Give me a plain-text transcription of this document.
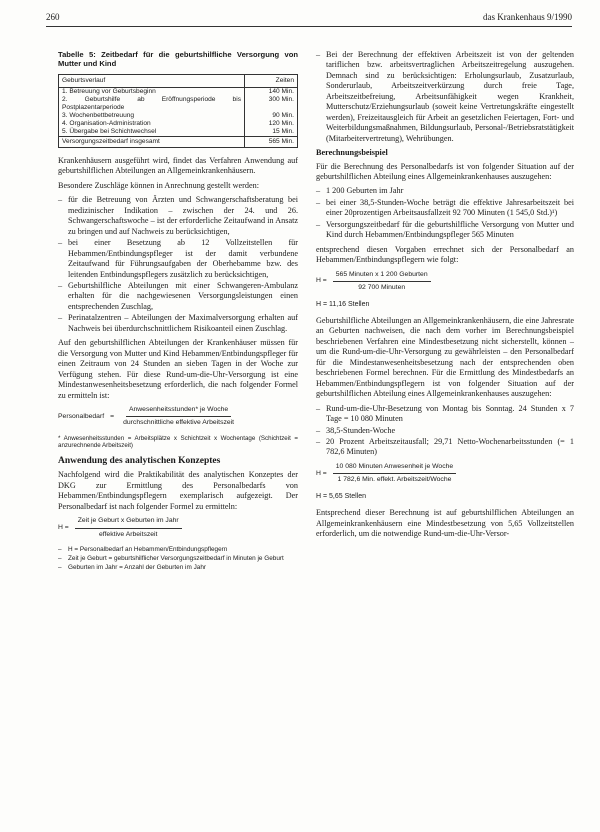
260	das Krankenhaus 9/1990
Tabelle 5: Zeitbedarf für die geburtshilfliche Versorgung von Mutter und Kind
Geburtsverlauf	Zeiten
1. Betreuung vor Geburtsbeginn	140 Min.
2. Geburtshilfe ab Eröffnungsperiode bis Postplazentarperiode	300 Min.
3. Wochenbettbetreuung	90 Min.
4. Organisation-Administration	120 Min.
5. Übergabe bei Schichtwechsel	15 Min.
Versorgungszeitbedarf insgesamt	565 Min.

Krankenhäusern ausgeführt wird, findet das Verfahren Anwendung auf geburtshilflichen Abteilungen an Allgemeinkrankenhäusern.

Besondere Zuschläge können in Anrechnung gestellt werden:

– für die Betreuung von Ärzten und Schwangerschaftsberatung bei medizinischer Indikation – zwischen der 24. und 26. Schwangerschaftswoche – ist der erforderliche Zeitaufwand in Ansatz zu bringen und auf Nachweis zu berücksichtigen,
– bei einer Besetzung ab 12 Vollzeitstellen für Hebammen/Entbindungspfleger ist der damit verbundene Zeitaufwand für Führungsaufgaben der Oberhebamme bzw. des leitenden Entbindungspflegers zusätzlich zu berücksichtigen,
– Geburtshilfliche Abteilungen mit einer Schwangeren-Ambulanz erhalten für die nachgewiesenen Versorgungsleistungen einen entsprechenden Zuschlag,
– Perinatalzentren – Abteilungen der Maximalversorgung erhalten auf Nachweis bei überdurchschnittlichem Risikoanteil einen Zuschlag.

Auf den geburtshilflichen Abteilungen der Krankenhäuser müssen für die Versorgung von Mutter und Kind Hebammen/Entbindungspfleger für einen Zeitraum von 24 Stunden an sieben Tagen in der Woche zur Verfügung stehen. Für diese Rund-um-die-Uhr-Versorgung ist eine Mindestanwesenheitsbesetzung erforderlich, die nach folgender Formel zu ermitteln ist:

Personalbedarf = $\frac{\text{Anwesenheitsstunden* je Woche}}{\text{durchschnittliche effektive Arbeitszeit}}$
* Anwesenheitsstunden = Arbeitsplätze x Schichtzeit x Wochentage (Schichtzeit = anzurechnende Arbeitszeit)
Anwendung des analytischen Konzeptes

Nachfolgend wird die Praktikabilität des analytischen Konzeptes der DKG zur Ermittlung des Personalbedarfs von Hebammen/Entbindungspflegern exemplarisch aufgezeigt. Der Personalbedarf ist nach folgender Formel zu ermitteln:

$H = \frac{\text{Zeit je Geburt x Geburten im Jahr}}{\text{effektive Arbeitszeit}}$
– H = Personalbedarf an Hebammen/Entbindungspflegern
– Zeit je Geburt = geburtshilflicher Versorgungszeitbedarf in Minuten je Geburt
– Geburten im Jahr = Anzahl der Geburten im Jahr
– Bei der Berechnung der effektiven Arbeitszeit ist von der geltenden tariflichen bzw. arbeitsvertraglichen Arbeitszeitregelung auszugehen. Demnach sind zu berücksichtigen: Erholungsurlaub, Zusatzurlaub, Sonderurlaub, Arbeitszeitverkürzung durch freie Tage, Arbeitszeitbefreiung, Arbeitsunfähigkeit wegen Krankheit, Mutterschutz/Erziehungsurlaub (soweit keine Vertretungskräfte eingestellt werden), Freizeitausgleich für Arbeit an gesetzlichen Feiertagen, Fort- und Weiterbildungsmaßnahmen, Bildungsurlaub, Personal-/Betriebsratstätigkeit (Mitarbeitervertretung), Wehrübungen.
Berechnungsbeispiel

Für die Berechnung des Personalbedarfs ist von folgender Situation auf der geburtshilflichen Abteilung eines Allgemeinkrankenhauses auszugehen:

– 1 200 Geburten im Jahr
– bei einer 38,5-Stunden-Woche beträgt die effektive Jahresarbeitszeit bei einer 20prozentigen Arbeitsausfallzeit 92 700 Minuten (1 545,0 Std.)¹)
– Versorgungszeitbedarf für die geburtshilfliche Versorgung von Mutter und Kind durch Hebammen/Entbindungspfleger 565 Minuten

entsprechend diesen Vorgaben errechnet sich der Personalbedarf an Hebammen/Entbindungspflegern wie folgt:

$H = \frac{\text{565 Minuten x 1 200 Geburten}}{\text{92 700 Minuten}}$
H = 11,16 Stellen

Geburtshilfliche Abteilungen an Allgemeinkrankenhäusern, die eine Jahresrate an Geburten nachweisen, die nach dem vorher im Berechnungsbeispiel beschriebenen Verfahren eine Mindestbesetzung nicht sicherstellt, können – um die Rund-um-die-Uhr-Versorgung zu gewährleisten – den Personalbedarf für die Mindestanwesenheitsbesetzung nach der entsprechenden oben beschriebenen Formel berechnen. Für die Ermittlung des Mindestbedarfs an Hebammen/Entbindungspflegern ist von folgender Situation auf der geburtshilflichen Abteilung eines Allgemeinkrankenhauses auszugehen:

– Rund-um-die-Uhr-Besetzung von Montag bis Sonntag. 24 Stunden x 7 Tage = 10 080 Minuten
– 38,5-Stunden-Woche
– 20 Prozent Arbeitszeitausfall; 29,71 Netto-Wochenarbeitsstunden (= 1 782,6 Minuten)
$H = \frac{\text{10 080 Minuten Anwesenheit je Woche}}{\text{1 782,6 Min. effekt. Arbeitszeit/Woche}}$
H = 5,65 Stellen

Entsprechend dieser Berechnung ist auf geburtshilflichen Abteilungen an Allgemeinkrankenhäusern eine Mindestbesetzung von 5,65 Vollzeitstellen erforderlich, um die notwendige Rund-um-die-Uhr-Versor-
